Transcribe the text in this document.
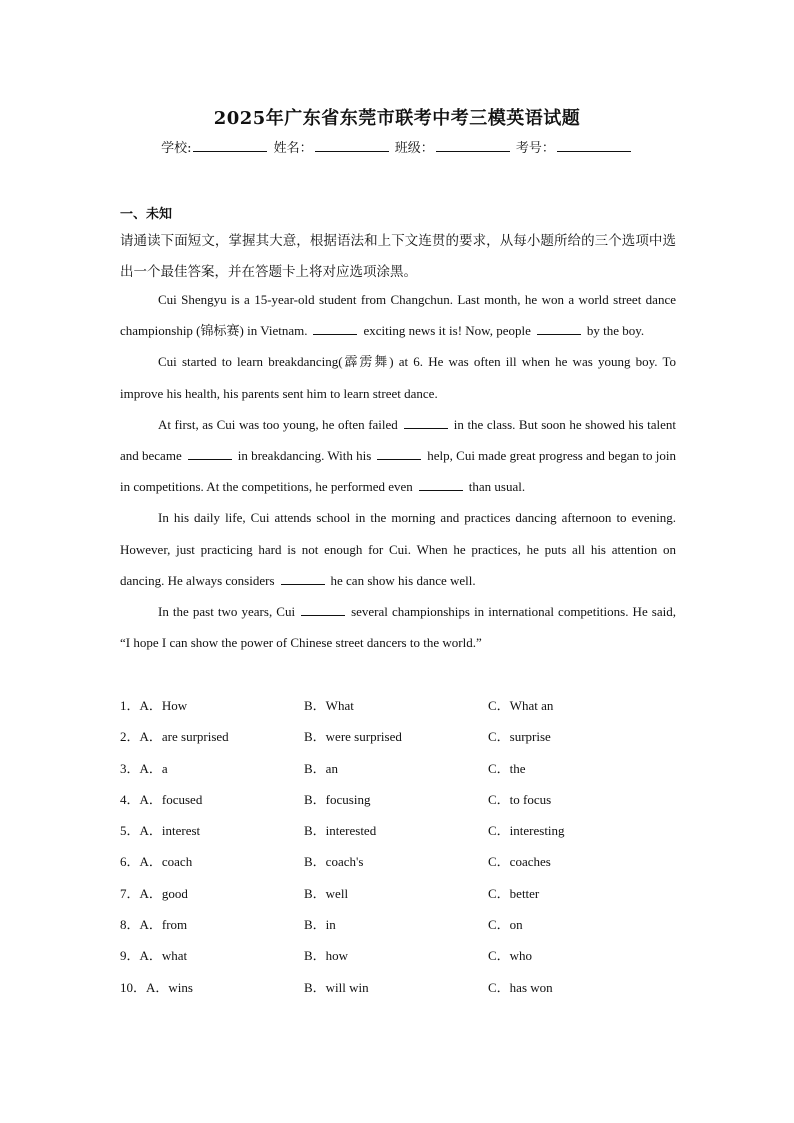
2025年广东省东莞市联考中考三模英语试题
学校:	姓名：	班级：	考号：
一、未知
请通读下面短文，掌握其大意，根据语法和上下文连贯的要求，从每小题所给的三个选项中选出一个最佳答案，并在答题卡上将对应选项涂黑。

Cui Shengyu is a 15-year-old student from Changchun. Last month, he won a world street dance championship (锦标赛) in Vietnam.	exciting news it is! Now, people	by the boy.

Cui started to learn breakdancing(霹雳舞) at 6. He was often ill when he was young boy. To improve his health, his parents sent him to learn street dance.

At first, as Cui was too young, he often failed	in the class. But soon he showed his talent and became	in breakdancing. With his	help, Cui made great progress and began to join in competitions. At the competitions, he performed even	than usual.

In his daily life, Cui attends school in the morning and practices dancing afternoon to evening. However, just practicing hard is not enough for Cui. When he practices, he puts all his attention on dancing. He always considers	he can show his dance well.

In the past two years, Cui	several championships in international competitions. He said, “I hope I can show the power of Chinese street dancers to the world.”

1．A．How	B．What	C．What an
2．A．are surprised	B．were surprised	C．surprise
3．A．a	B．an	C．the
4．A．focused	B．focusing	C．to focus
5．A．interest	B．interested	C．interesting
6．A．coach	B．coach's	C．coaches
7．A．good	B．well	C．better
8．A．from	B．in	C．on
9．A．what	B．how	C．who
10．A．wins	B．will win	C．has won
